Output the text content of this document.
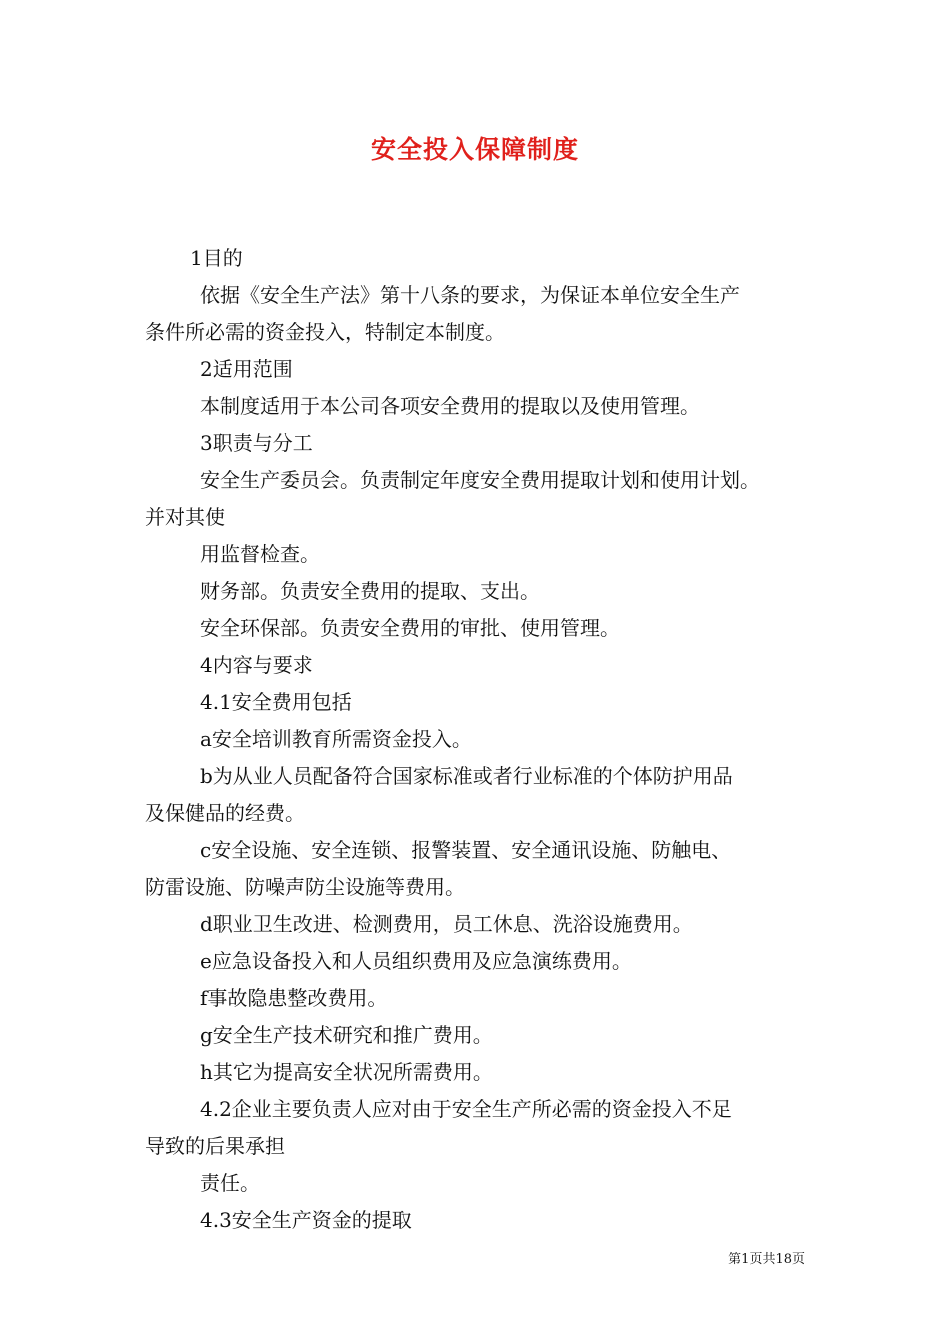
安全投入保障制度

1目的

依据《安全生产法》第十八条的要求，为保证本单位安全生产

条件所必需的资金投入，特制定本制度。

2适用范围

本制度适用于本公司各项安全费用的提取以及使用管理。

3职责与分工

安全生产委员会。负责制定年度安全费用提取计划和使用计划。

并对其使

用监督检查。

财务部。负责安全费用的提取、支出。

安全环保部。负责安全费用的审批、使用管理。

4内容与要求

4.1安全费用包括

a安全培训教育所需资金投入。

b为从业人员配备符合国家标准或者行业标准的个体防护用品

及保健品的经费。

c安全设施、安全连锁、报警装置、安全通讯设施、防触电、

防雷设施、防噪声防尘设施等费用。

d职业卫生改进、检测费用，员工休息、洗浴设施费用。

e应急设备投入和人员组织费用及应急演练费用。

f事故隐患整改费用。

g安全生产技术研究和推广费用。

h其它为提高安全状况所需费用。

4.2企业主要负责人应对由于安全生产所必需的资金投入不足

导致的后果承担

责任。

4.3安全生产资金的提取

第1页共18页
